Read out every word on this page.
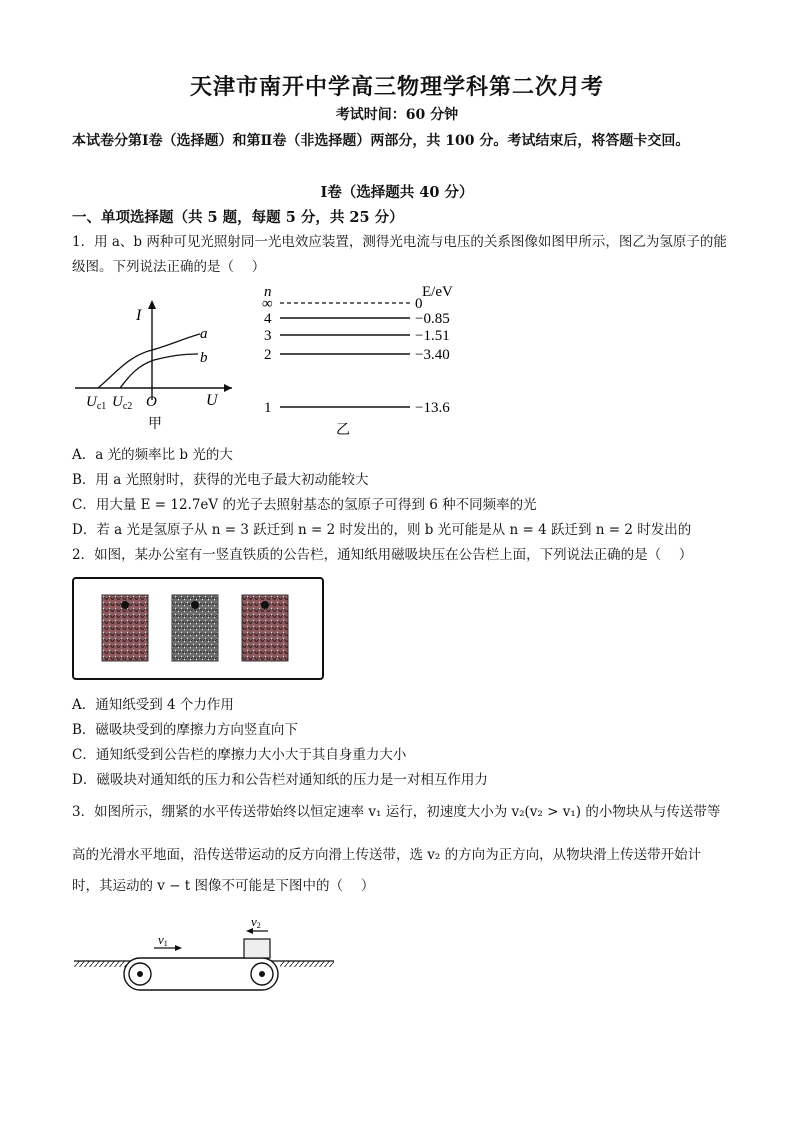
天津市南开中学高三物理学科第二次月考
考试时间：60 分钟
本试卷分第Ⅰ卷（选择题）和第Ⅱ卷（非选择题）两部分，共 100 分。考试结束后，将答题卡交回。
Ⅰ卷（选择题共 40 分）
一、单项选择题（共 5 题，每题 5 分，共 25 分）
1．用 a、b 两种可见光照射同一光电效应装置，测得光电流与电压的关系图像如图甲所示，图乙为氢原子的能级图。下列说法正确的是（　 ）
I
U
O
$U_{c1}$ $U_{c2}$
a
b
甲
n	E/eV
∞
4
3
2
1
0
−0.85
−1.51
−3.40
−13.6
乙
A．a 光的频率比 b 光的大
B．用 a 光照射时，获得的光电子最大初动能较大
C．用大量 E = 12.7eV 的光子去照射基态的氢原子可得到 6 种不同频率的光
D．若 a 光是氢原子从 n = 3 跃迁到 n = 2 时发出的，则 b 光可能是从 n = 4 跃迁到 n = 2 时发出的
2．如图，某办公室有一竖直铁质的公告栏，通知纸用磁吸块压在公告栏上面，下列说法正确的是（　 ）
A．通知纸受到 4 个力作用
B．磁吸块受到的摩擦力方向竖直向下
C．通知纸受到公告栏的摩擦力大小大于其自身重力大小
D．磁吸块对通知纸的压力和公告栏对通知纸的压力是一对相互作用力
3．如图所示，绷紧的水平传送带始终以恒定速率 v₁ 运行，初速度大小为 v₂(v₂ > v₁) 的小物块从与传送带等
高的光滑水平地面，沿传送带运动的反方向滑上传送带，选 v₂ 的方向为正方向，从物块滑上传送带开始计
时，其运动的 v − t 图像不可能是下图中的（　 ）
v1
v2
